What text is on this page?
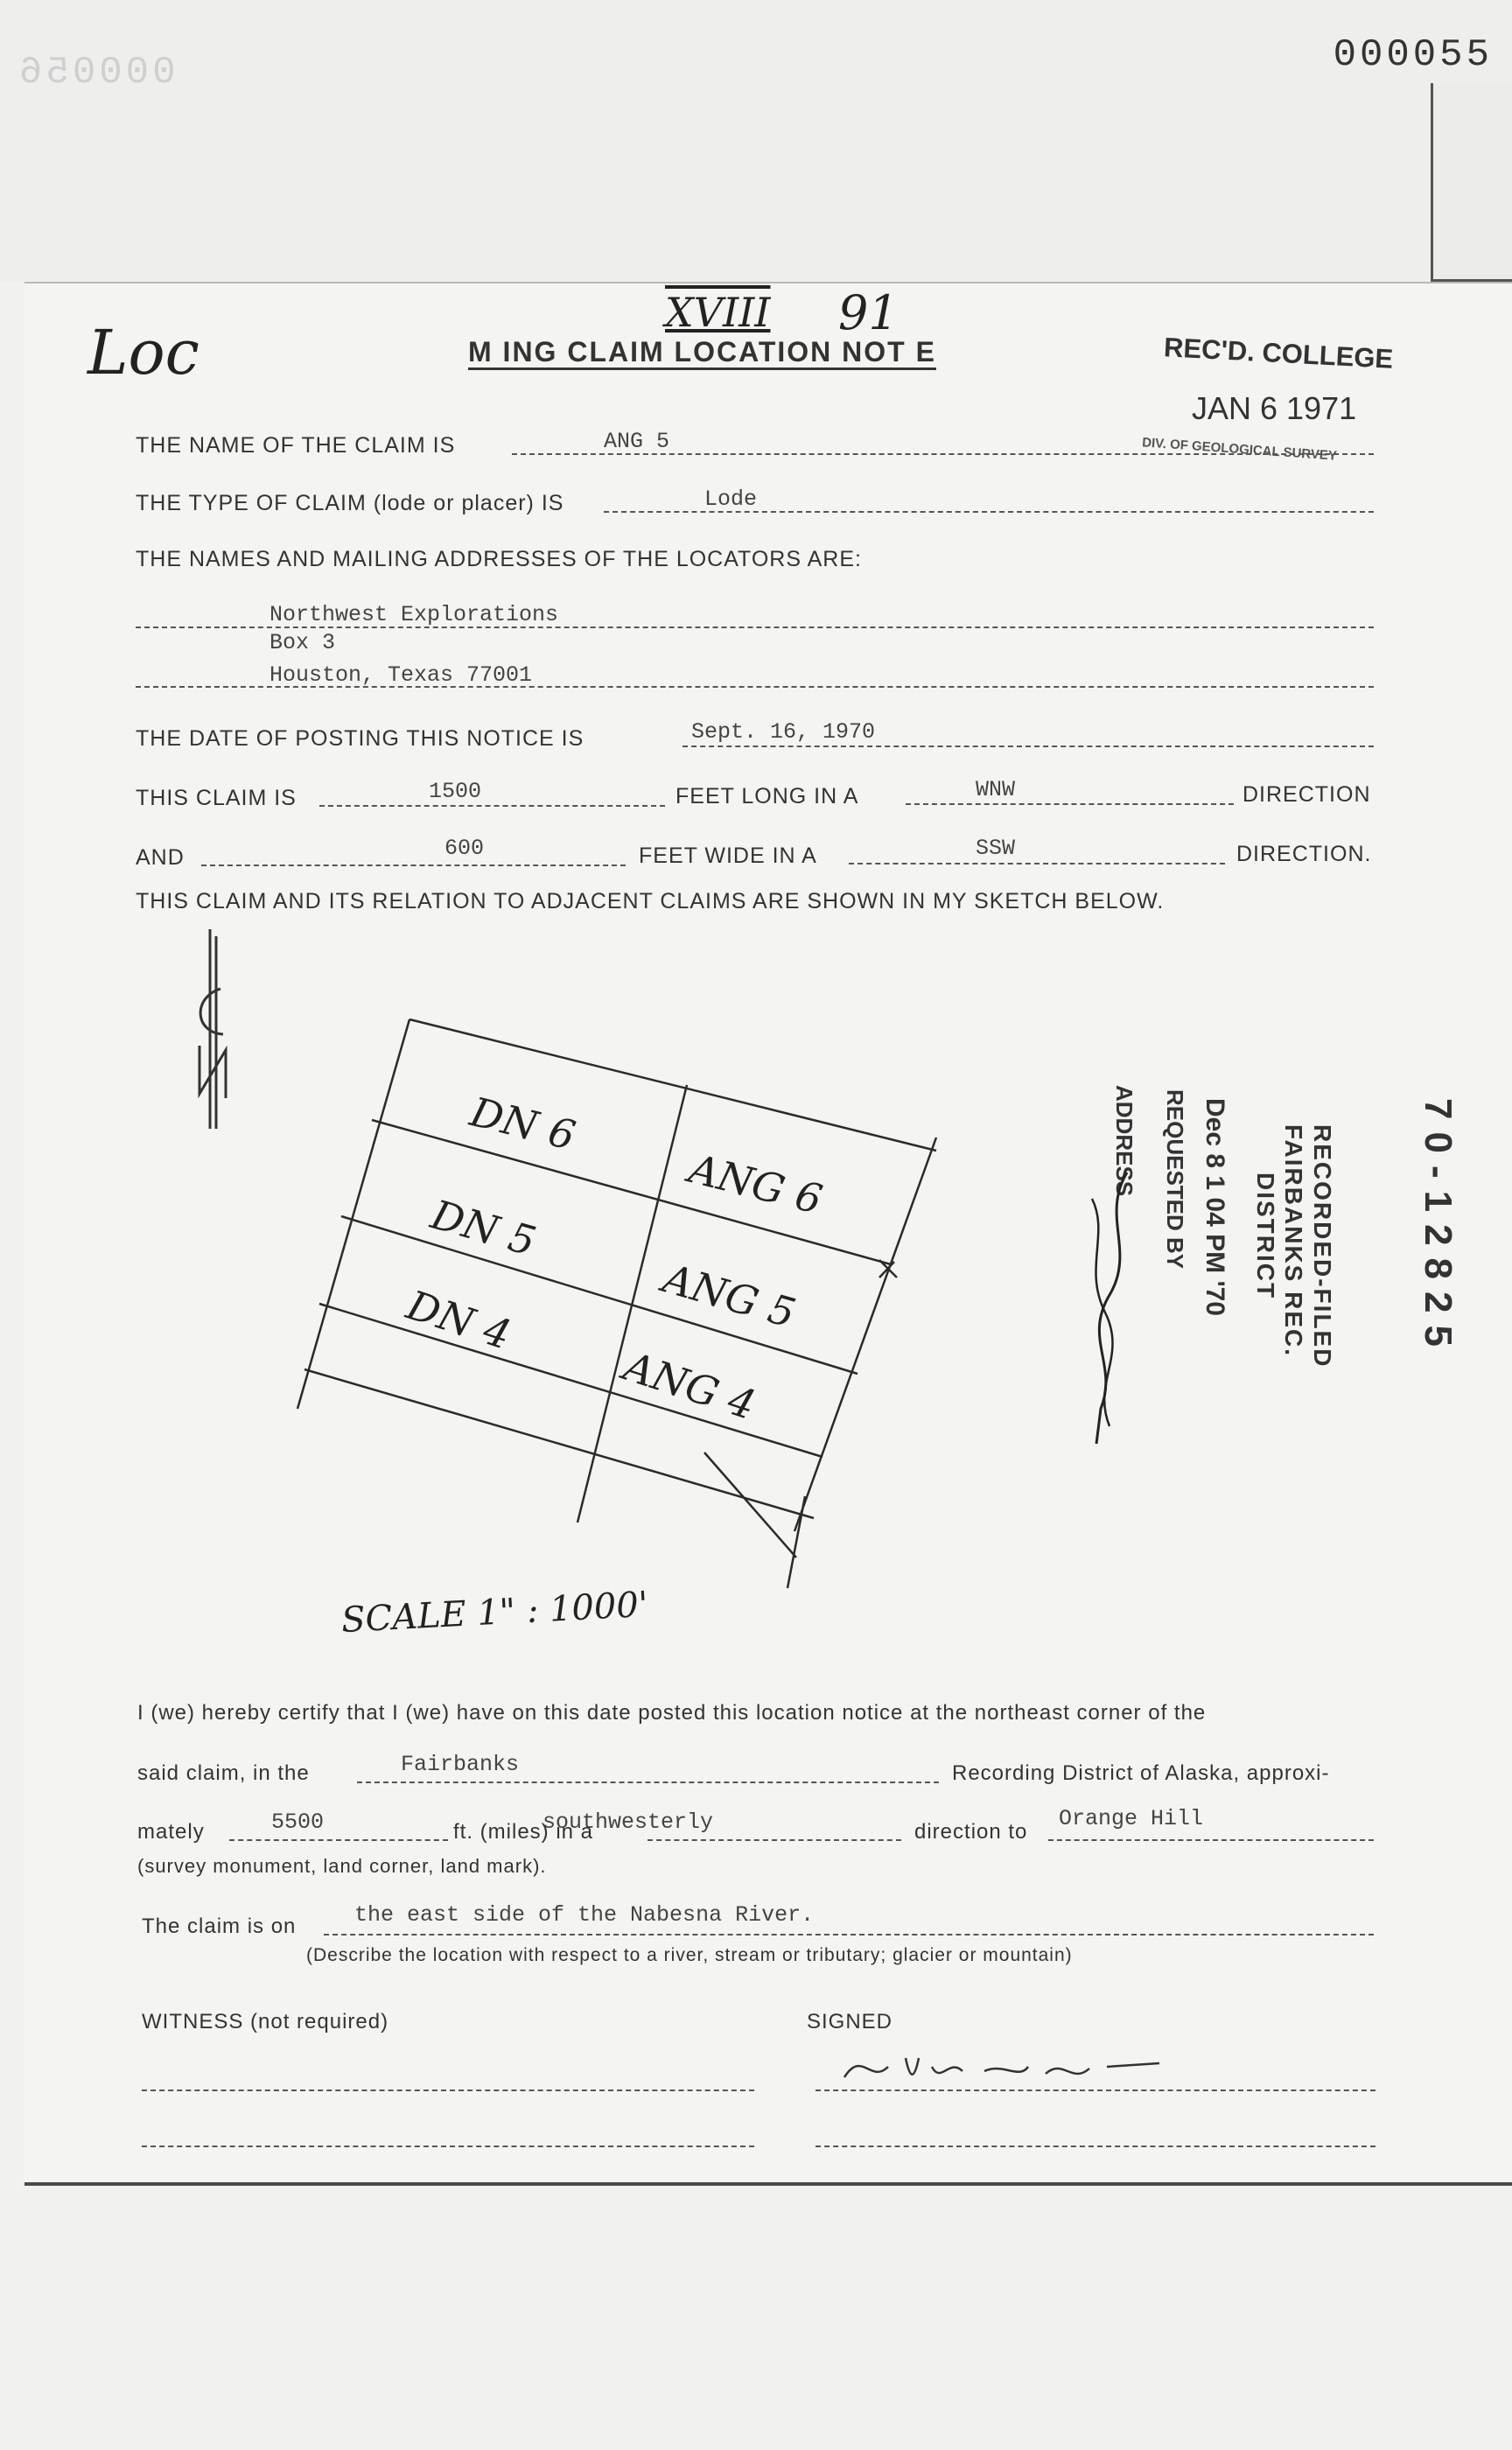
000056	000055
Loc
XVIII 91
M ING CLAIM LOCATION NOT E	REC'D. COLLEGE
JAN 6 1971
DIV. OF GEOLOGICAL SURVEY
THE NAME OF THE CLAIM IS	ANG 5
THE TYPE OF CLAIM (lode or placer) IS	Lode
THE NAMES AND MAILING ADDRESSES OF THE LOCATORS ARE:
Northwest Explorations
Box 3
Houston, Texas 77001
THE DATE OF POSTING THIS NOTICE IS	Sept. 16, 1970
THIS CLAIM IS	1500	FEET LONG IN A	WNW	DIRECTION
AND	600	FEET WIDE IN A	SSW	DIRECTION.
THIS CLAIM AND ITS RELATION TO ADJACENT CLAIMS ARE SHOWN IN MY SKETCH BELOW.
DN 6
ANG 6
DN 5
ANG 5
DN 4
ANG 4
SCALE 1" : 1000'
70-12825
RECORDED-FILED
FAIRBANKS REC.
DISTRICT
Dec 8 1 04 PM '70
REQUESTED BY
ADDRESS
I (we) hereby certify that I (we) have on this date posted this location notice at the northeast corner of the
said claim, in the	Fairbanks	Recording District of Alaska, approxi-
mately	5500	ft. (miles) in a
southwesterly	direction to
Orange Hill
(survey monument, land corner, land mark).
The claim is on	the east side of the Nabesna River.
(Describe the location with respect to a river, stream or tributary; glacier or mountain)
WITNESS (not required)	SIGNED
